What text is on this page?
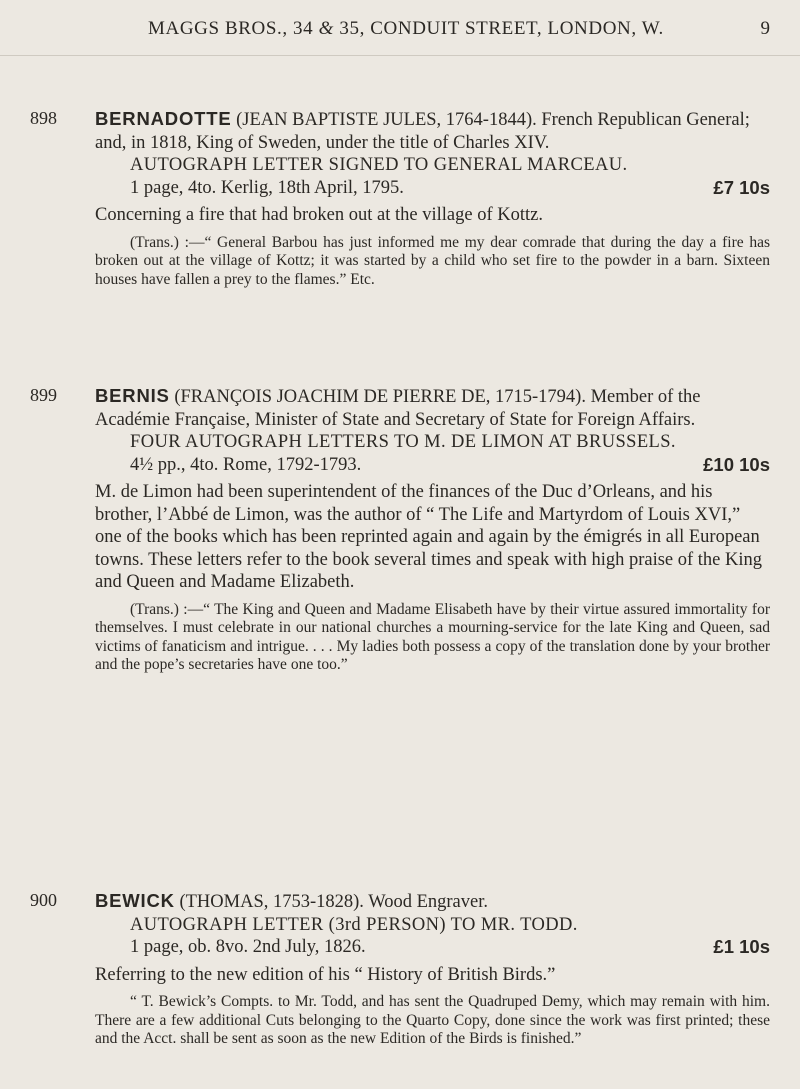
MAGGS BROS., 34 & 35, CONDUIT STREET, LONDON, W.	9
898 BERNADOTTE (JEAN BAPTISTE JULES, 1764-1844). French Republican General; and, in 1818, King of Sweden, under the title of Charles XIV.
AUTOGRAPH LETTER SIGNED TO GENERAL MARCEAU.
1 page, 4to. Kerlig, 18th April, 1795.	£7 10s
Concerning a fire that had broken out at the village of Kottz.
(Trans.) :—“ General Barbou has just informed me my dear comrade that during the day a fire has broken out at the village of Kottz; it was started by a child who set fire to the powder in a barn. Sixteen houses have fallen a prey to the flames.” Etc.
899 BERNIS (FRANÇOIS JOACHIM DE PIERRE DE, 1715-1794). Member of the Académie Française, Minister of State and Secretary of State for Foreign Affairs.
FOUR AUTOGRAPH LETTERS TO M. DE LIMON AT BRUSSELS.
4½ pp., 4to. Rome, 1792-1793.	£10 10s
M. de Limon had been superintendent of the finances of the Duc d’Orleans, and his brother, l’Abbé de Limon, was the author of “ The Life and Martyrdom of Louis XVI,” one of the books which has been reprinted again and again by the émigrés in all European towns. These letters refer to the book several times and speak with high praise of the King and Queen and Madame Elizabeth.
(Trans.) :—“ The King and Queen and Madame Elisabeth have by their virtue assured immortality for themselves. I must celebrate in our national churches a mourning-service for the late King and Queen, sad victims of fanaticism and intrigue. . . . My ladies both possess a copy of the translation done by your brother and the pope’s secretaries have one too.”
900 BEWICK (THOMAS, 1753-1828). Wood Engraver.
AUTOGRAPH LETTER (3rd PERSON) TO MR. TODD.
1 page, ob. 8vo. 2nd July, 1826.	£1 10s
Referring to the new edition of his “ History of British Birds.”
“ T. Bewick’s Compts. to Mr. Todd, and has sent the Quadruped Demy, which may remain with him. There are a few additional Cuts belonging to the Quarto Copy, done since the work was first printed; these and the Acct. shall be sent as soon as the new Edition of the Birds is finished.”
